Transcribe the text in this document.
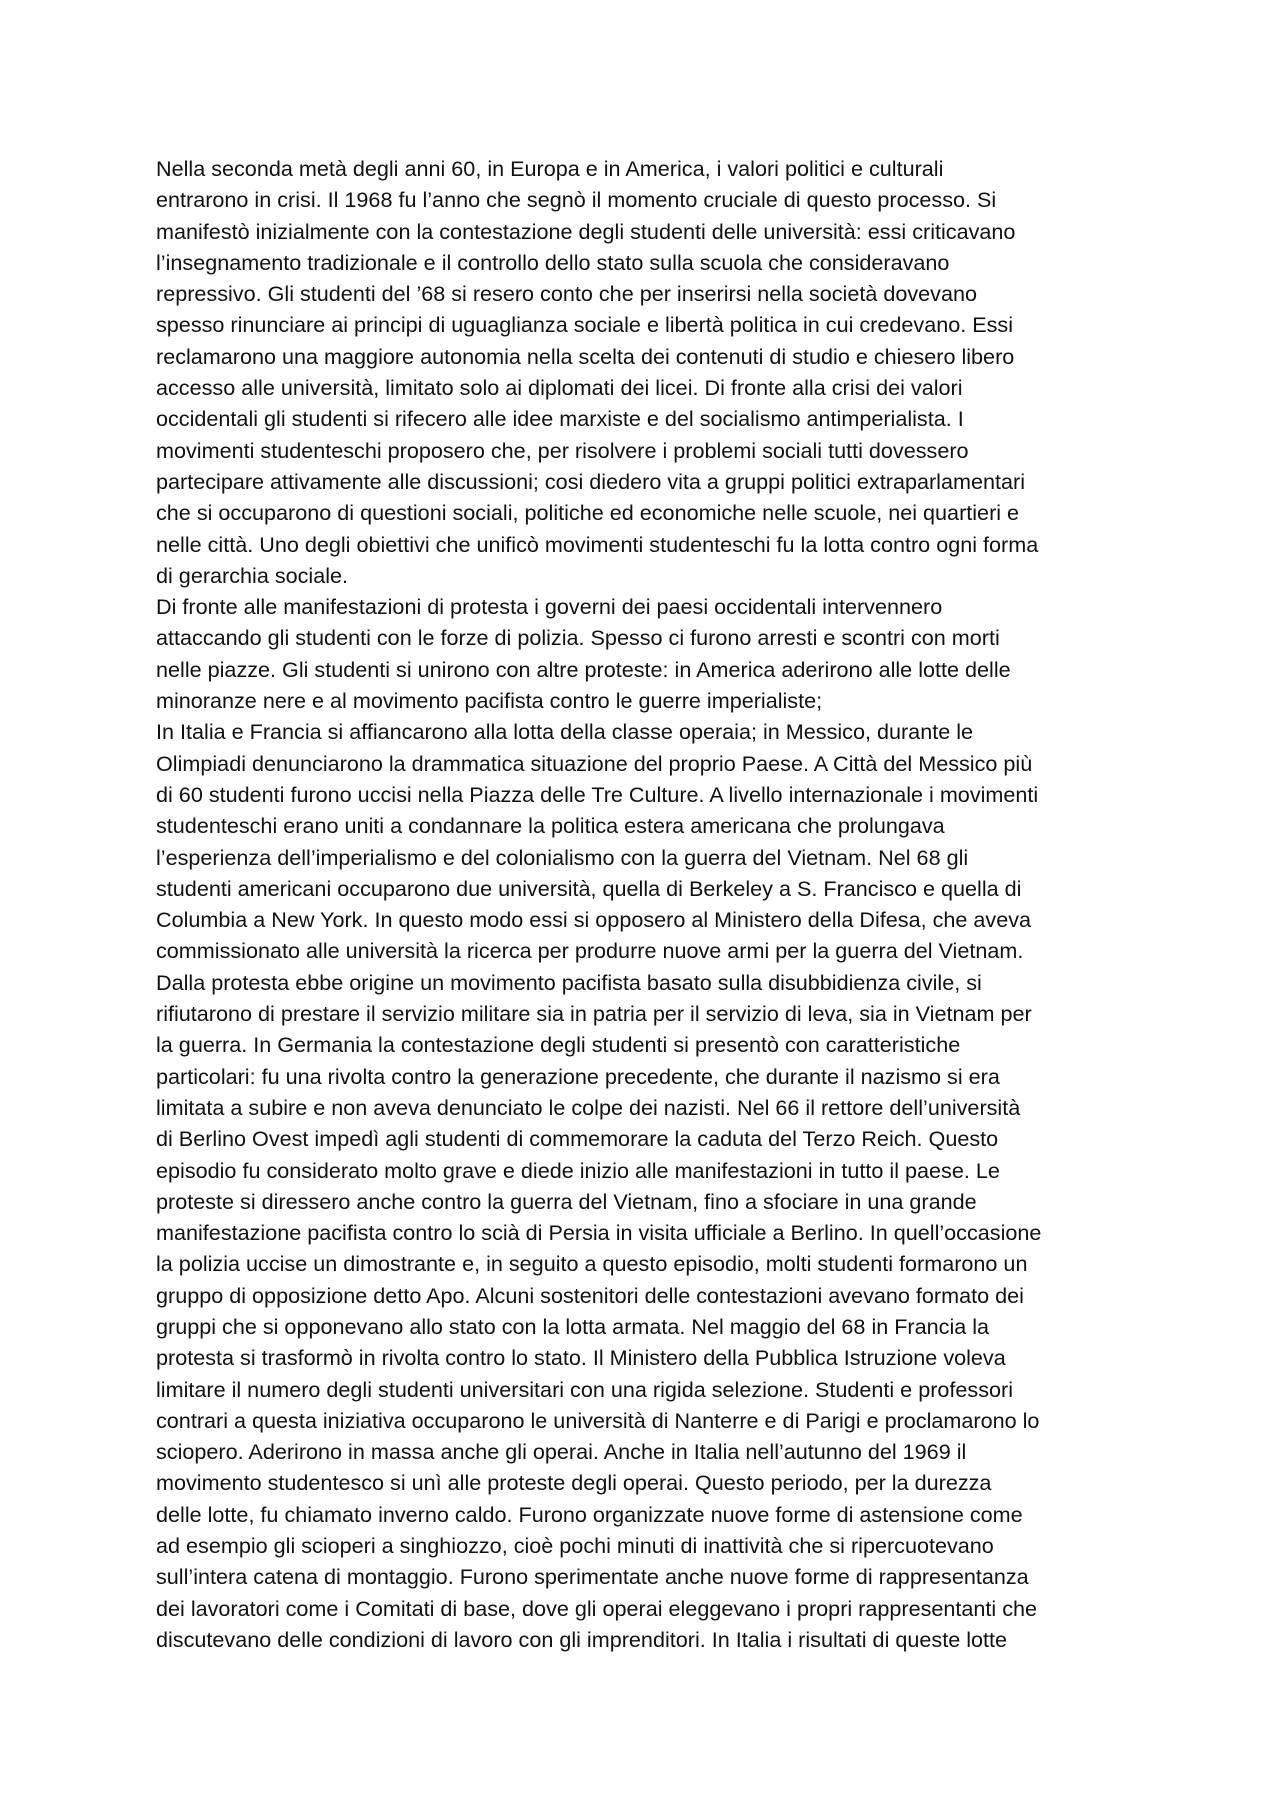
Nella seconda metà degli anni 60, in Europa e in America, i valori politici e culturali
entrarono in crisi. Il 1968 fu l’anno che segnò il momento cruciale di questo processo. Si
manifestò inizialmente con la contestazione degli studenti delle università: essi criticavano
l’insegnamento tradizionale e il controllo dello stato sulla scuola che consideravano
repressivo. Gli studenti del ’68 si resero conto che per inserirsi nella società dovevano
spesso rinunciare ai principi di uguaglianza sociale e libertà politica in cui credevano. Essi
reclamarono una maggiore autonomia nella scelta dei contenuti di studio e chiesero libero
accesso alle università, limitato solo ai diplomati dei licei. Di fronte alla crisi dei valori
occidentali gli studenti si rifecero alle idee marxiste e del socialismo antimperialista. I
movimenti studenteschi proposero che, per risolvere i problemi sociali tutti dovessero
partecipare attivamente alle discussioni; cosi diedero vita a gruppi politici extraparlamentari
che si occuparono di questioni sociali, politiche ed economiche nelle scuole, nei quartieri e
nelle città. Uno degli obiettivi che unificò movimenti studenteschi fu la lotta contro ogni forma
di gerarchia sociale.
Di fronte alle manifestazioni di protesta i governi dei paesi occidentali intervennero
attaccando gli studenti con le forze di polizia. Spesso ci furono arresti e scontri con morti
nelle piazze. Gli studenti si unirono con altre proteste: in America aderirono alle lotte delle
minoranze nere e al movimento pacifista contro le guerre imperialiste;
In Italia e Francia si affiancarono alla lotta della classe operaia; in Messico, durante le
Olimpiadi denunciarono la drammatica situazione del proprio Paese. A Città del Messico più
di 60 studenti furono uccisi nella Piazza delle Tre Culture. A livello internazionale i movimenti
studenteschi erano uniti a condannare la politica estera americana che prolungava
l’esperienza dell’imperialismo e del colonialismo con la guerra del Vietnam. Nel 68 gli
studenti americani occuparono due università, quella di Berkeley a S. Francisco e quella di
Columbia a New York. In questo modo essi si opposero al Ministero della Difesa, che aveva
commissionato alle università la ricerca per produrre nuove armi per la guerra del Vietnam.
Dalla protesta ebbe origine un movimento pacifista basato sulla disubbidienza civile, si
rifiutarono di prestare il servizio militare sia in patria per il servizio di leva, sia in Vietnam per
la guerra. In Germania la contestazione degli studenti si presentò con caratteristiche
particolari: fu una rivolta contro la generazione precedente, che durante il nazismo si era
limitata a subire e non aveva denunciato le colpe dei nazisti. Nel 66 il rettore dell’università
di Berlino Ovest impedì agli studenti di commemorare la caduta del Terzo Reich. Questo
episodio fu considerato molto grave e diede inizio alle manifestazioni in tutto il paese. Le
proteste si diressero anche contro la guerra del Vietnam, fino a sfociare in una grande
manifestazione pacifista contro lo scià di Persia in visita ufficiale a Berlino. In quell’occasione
la polizia uccise un dimostrante e, in seguito a questo episodio, molti studenti formarono un
gruppo di opposizione detto Apo. Alcuni sostenitori delle contestazioni avevano formato dei
gruppi che si opponevano allo stato con la lotta armata. Nel maggio del 68 in Francia la
protesta si trasformò in rivolta contro lo stato. Il Ministero della Pubblica Istruzione voleva
limitare il numero degli studenti universitari con una rigida selezione. Studenti e professori
contrari a questa iniziativa occuparono le università di Nanterre e di Parigi e proclamarono lo
sciopero. Aderirono in massa anche gli operai. Anche in Italia nell’autunno del 1969 il
movimento studentesco si unì alle proteste degli operai. Questo periodo, per la durezza
delle lotte, fu chiamato inverno caldo. Furono organizzate nuove forme di astensione come
ad esempio gli scioperi a singhiozzo, cioè pochi minuti di inattività che si ripercuotevano
sull’intera catena di montaggio. Furono sperimentate anche nuove forme di rappresentanza
dei lavoratori come i Comitati di base, dove gli operai eleggevano i propri rappresentanti che
discutevano delle condizioni di lavoro con gli imprenditori. In Italia i risultati di queste lotte
